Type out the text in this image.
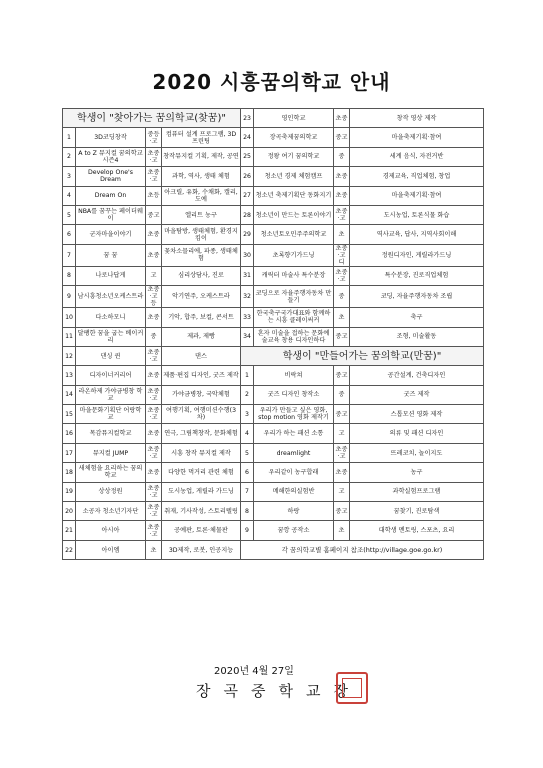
2020 시흥꿈의학교 안내
학생이 "찾아가는 꿈의학교(찾꿈)"				23	영인학교	초중	창작 영상 제작
1	3D코딩창작	중등·고	컴퓨터 설계 프로그램, 3D 프린팅	24	장곡축제꿈의학교	중고	마을축제기획·참여
2	A to Z 뮤지컬 꿈의학교 시즌4	초중·고	창작뮤지컬 기획, 제작, 공연	25	정왕 여기 꿈의학교	중	세계 음식, 자전거반
3	Develop One's Dream	초중·고	과학, 역사, 생태 체험	26	청소년 경제 체험캠프	초중	경제교육, 직업체험, 창업
4	Dream On	초등	아크릴, 유화, 수채화, 캘리, 도예	27	청소년 축제기획단 동화지기	초중	마을축제기획·참여
5	NBA를 꿈꾸는 페이더웨이	중고	엘리트 농구	28	청소년이 만드는 토론이야기	초중·고	도시농업, 토론식물 화습
6	군자마을이야기	초중	마을탐방, 생태체험, 환경지킴이	29	청소년토오민주주의학교	초	역사교육, 답사, 지역사회이해
7	꿈 꿈	초중	꽃차소믈리에, 파종, 생태체험	30	초록향기가드닝	초중·고디	정원디자인, 게릴라가드닝
8	나로나답게	고	심리상담사, 진로	31	캐릭터 마술사 특수분장	초중·고	특수분장, 진로직업체험
9	남시흥청소년오케스트라	초중·고등	악기연주, 오케스트라	32	코딩으로 자율주행자동차 만들기	중	코딩, 자율주행자동차 조립
10	다소하모니	초중	기악, 합주, 보컬, 콘서트	33	한국축구국가대표와 함께하는 시흥 클레이써커	초	축구
11	달팽한 꿈을 굽는 베이커리	중	제과, 제빵	34	혼자 미술을 접하는 문화예술교육 창용 디자인하다	중고	조형, 미술활동
12	댄싱 퀸	초중·고	댄스	학생이 "만들어가는 꿈의학교(만꿈)"			
13	디자이너커리어	초중	제품·편집 디자인, 굿즈 제작	1	비락쳐	중고	공간설계, 건축디자인
14	라온하제 가야금병창 학교	초중·고	가야금병창, 국악체험	2	굿즈 디자인 창작소	중	굿즈 제작
15	마을문화기획단 어랑학교	초중·고	여행기획, 여행미션수행(3차)	3	우리가 만들고 싶은 영화, stop motion 영화 제작기	중고	스톱모션 영화 제작
16	목감뮤지컬학교	초중	연극, 그림책창작, 문화체험	4	우리가 하는 패션 소통	고	의류 및 패션 디자인
17	뮤지컬 JUMP	초중·고	시흥 창작 뮤지컬 제작	5	dreamlight	초중·고	뜨레코치, 놀이지도
18	새체험을 요리하는 꿈의학교	초중	다양한 먹거리 관련 체험	6	우리같이 농구합래	초중	농구
19	상상정원	초중·고	도시농업, 게릴라 가드닝	7	메해한의실험반	고	과학실험프로그램
20	소공자 청소년기자단	초중·고	취재, 기사작성, 스토리텔링	8	하랑	중고	꿈찾기, 진로탐색
21	아시아	초중·고	공예판, 토론·체물판	9	꿈깡 공작소	초	대학생 멘토링, 스포츠, 요리
22	아이엠	초	3D제작, 로봇, 인공지능	각 꿈의학교별 홈페이지 참조(http://village.goe.go.kr)			
2020년 4월 27일
장곡중학교장
